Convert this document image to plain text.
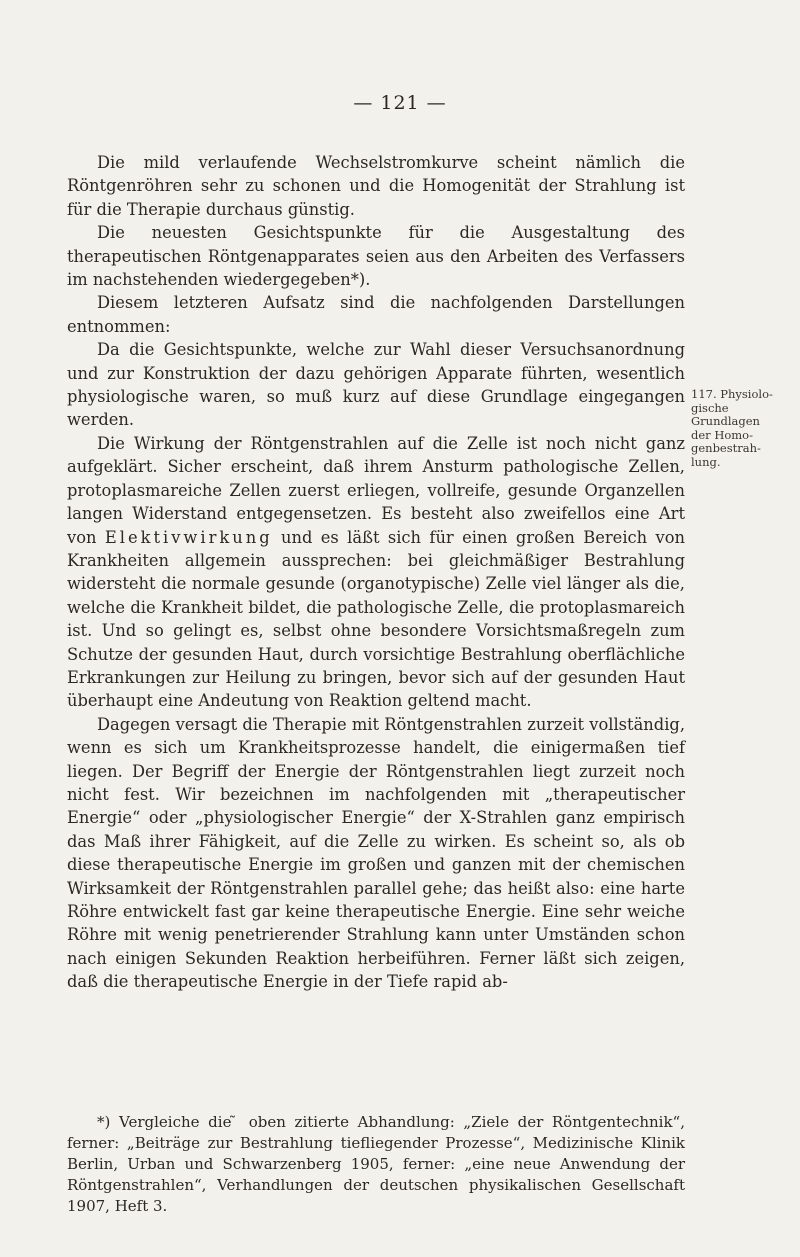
— 121 —

Die mild verlaufende Wechselstromkurve scheint nämlich die Röntgenröhren sehr zu schonen und die Homogenität der Strahlung ist für die Therapie durchaus günstig.

Die neuesten Gesichtspunkte für die Ausgestaltung des therapeutischen Röntgenapparates seien aus den Arbeiten des Verfassers im nachstehenden wiedergegeben*).

Diesem letzteren Aufsatz sind die nachfolgenden Darstellungen entnommen:

Da die Gesichtspunkte, welche zur Wahl dieser Versuchsanordnung und zur Konstruktion der dazu gehörigen Apparate führten, wesentlich physiologische waren, so muß kurz auf diese Grundlage eingegangen werden.

Die Wirkung der Röntgenstrahlen auf die Zelle ist noch nicht ganz aufgeklärt. Sicher erscheint, daß ihrem Ansturm pathologische Zellen, protoplasmareiche Zellen zuerst erliegen, vollreife, gesunde Organzellen langen Widerstand entgegensetzen. Es besteht also zweifellos eine Art von Elektivwirkung und es läßt sich für einen großen Bereich von Krankheiten allgemein aussprechen: bei gleichmäßiger Bestrahlung widersteht die normale gesunde (organotypische) Zelle viel länger als die, welche die Krankheit bildet, die pathologische Zelle, die protoplasmareich ist. Und so gelingt es, selbst ohne besondere Vorsichtsmaßregeln zum Schutze der gesunden Haut, durch vorsichtige Bestrahlung oberflächliche Erkrankungen zur Heilung zu bringen, bevor sich auf der gesunden Haut überhaupt eine Andeutung von Reaktion geltend macht.

Dagegen versagt die Therapie mit Röntgenstrahlen zurzeit vollständig, wenn es sich um Krankheitsprozesse handelt, die einigermaßen tief liegen. Der Begriff der Energie der Röntgenstrahlen liegt zurzeit noch nicht fest. Wir bezeichnen im nachfolgenden mit „therapeutischer Energie“ oder „physiologischer Energie“ der X-Strahlen ganz empirisch das Maß ihrer Fähigkeit, auf die Zelle zu wirken. Es scheint so, als ob diese therapeutische Energie im großen und ganzen mit der chemischen Wirksamkeit der Röntgenstrahlen parallel gehe; das heißt also: eine harte Röhre entwickelt fast gar keine therapeutische Energie. Eine sehr weiche Röhre mit wenig penetrierender Strahlung kann unter Umständen schon nach einigen Sekunden Reaktion herbeiführen. Ferner läßt sich zeigen, daß die therapeutische Energie in der Tiefe rapid ab-

117. Physiolo-
gische
Grundlagen
der Homo-
genbestrah-
lung.

*) Vergleiche die ̃ oben zitierte Abhandlung: „Ziele der Röntgentechnik“, ferner: „Beiträge zur Bestrahlung tiefliegender Prozesse“, Medizinische Klinik Berlin, Urban und Schwarzenberg 1905, ferner: „eine neue Anwendung der Röntgenstrahlen“, Verhandlungen der deutschen physikalischen Gesellschaft 1907, Heft 3.
